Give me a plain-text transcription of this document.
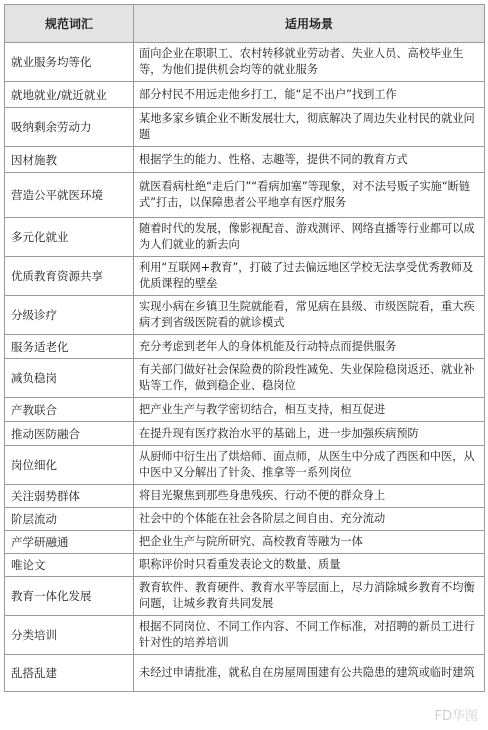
规范词汇	适用场景
就业服务均等化	面向企业在职职工、农村转移就业劳动者、失业人员、高校毕业生等，为他们提供机会均等的就业服务
就地就业/就近就业	部分村民不用远走他乡打工，能“足不出户”找到工作
吸纳剩余劳动力	某地多家乡镇企业不断发展壮大，彻底解决了周边失业村民的就业问题
因材施教	根据学生的能力、性格、志趣等，提供不同的教育方式
营造公平就医环境	就医看病杜绝“走后门”“看病加塞”等现象，对不法号贩子实施“断链式”打击，以保障患者公平地享有医疗服务
多元化就业	随着时代的发展，像影视配音、游戏测评、网络直播等行业都可以成为人们就业的新去向
优质教育资源共享	利用“互联网+教育”，打破了过去偏远地区学校无法享受优秀教师及优质课程的壁垒
分级诊疗	实现小病在乡镇卫生院就能看，常见病在县级、市级医院看，重大疾病才到省级医院看的就诊模式
服务适老化	充分考虑到老年人的身体机能及行动特点而提供服务
减负稳岗	有关部门做好社会保险费的阶段性减免、失业保险稳岗返还、就业补贴等工作，做到稳企业、稳岗位
产教联合	把产业生产与教学密切结合，相互支持，相互促进
推动医防融合	在提升现有医疗救治水平的基础上，进一步加强疾病预防
岗位细化	从厨师中衍生出了烘焙师、面点师，从医生中分成了西医和中医，从中医中又分解出了针灸、推拿等一系列岗位
关注弱势群体	将目光聚焦到那些身患残疾、行动不便的群众身上
阶层流动	社会中的个体能在社会各阶层之间自由、充分流动
产学研融通	把企业生产与院所研究、高校教育等融为一体
唯论文	职称评价时只看重发表论文的数量、质量
教育一体化发展	教育软件、教育硬件、教育水平等层面上，尽力消除城乡教育不均衡问题，让城乡教育共同发展
分类培训	根据不同岗位、不同工作内容、不同工作标准，对招聘的新员工进行针对性的培养培训
乱搭乱建	未经过申请批准，就私自在房屋周围建有公共隐患的建筑或临时建筑
FD华图
